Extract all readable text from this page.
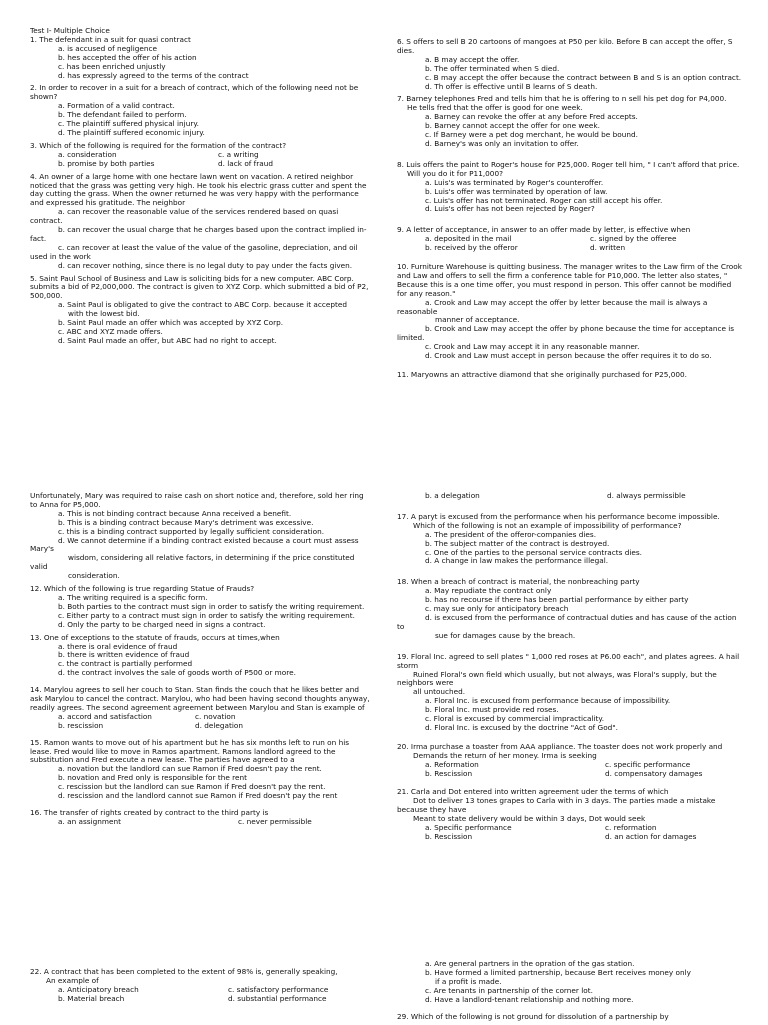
Test I- Multiple Choice
1. The defendant in a suit for quasi contract
a. is accused of negligence
b. hes accepted the offer of his action
c. has been enriched unjustly
d. has expressly agreed to the terms of the contract
2. In order to recover in a suit for a breach of contract, which of the following need not be shown?
a. Formation of a valid contract.
b. The defendant failed to perform.
c. The plaintiff suffered physical injury.
d. The plaintiff suffered economic injury.
3. Which of the following is required for the formation of the contract?
a. consideration	c. a writing
b. promise by both parties	d. lack of fraud
4. An owner of a large home with one hectare lawn went on vacation. A retired neighbor noticed that the grass was getting very high. He took his electric grass cutter and spent the day cutting the grass. When the owner returned he was very happy with the performance and expressed his gratitude. The neighbor
a. can recover the reasonable value of the services rendered based on quasi contract.
b. can recover the usual charge that he charges based upon the contract implied in-fact.
c. can recover at least the value of the value of the gasoline, depreciation, and oil used in the work
d. can recover nothing, since there is no legal duty to pay under the facts given.
5. Saint Paul School of Business and Law is soliciting bids for a new computer. ABC Corp. submits a bid of P2,000,000. The contract is given to XYZ Corp. which submitted a bid of P2, 500,000.
a. Saint Paul is obligated to give the contract to ABC Corp. because it accepted
with the lowest bid.
b. Saint Paul made an offer which was accepted by XYZ Corp.
c. ABC and XYZ made offers.
d. Saint Paul made an offer, but ABC had no right to accept.
6. S offers to sell B 20 cartoons of mangoes at P50 per kilo. Before B can accept the offer, S dies.
a. B may accept the offer.
b. The offer terminated when S died.
c. B may accept the offer because the contract between B and S is an option contract.
d. Th offer is effective until B learns of S death.
7. Barney telephones Fred and tells him that he is offering to n sell his pet dog for P4,000.
He tells fred that the offer is good for one week.
a. Barney can revoke the offer at any before Fred accepts.
b. Barney cannot accept the offer for one week.
c. If Barney were a pet dog merchant, he would be bound.
d. Barney's was only an invitation to offer.
8. Luis offers the paint to Roger's house for P25,000. Roger tell him, " I can't afford that price.
Will you do it for P11,000?
a. Luis's was terminated by Roger's counteroffer.
b. Luis's offer was terminated by operation of law.
c. Luis's offer has not terminated. Roger can still accept his offer.
d. Luis's offer has not been rejected by Roger?
9. A letter of acceptance, in answer to an offer made by letter, is effective when
a. deposited in the mail	c. signed by the offeree
b. received by the offeror	d. written
10. Furniture Warehouse is quitting business. The manager writes to the Law firm of the Crook and Law and offers to sell the firm a conference table for P10,000. The letter also states, " Because this is a one time offer, you must respond in person. This offer cannot be modified for any reason."
a. Crook and Law may accept the offer by letter because the mail is always a reasonable
manner of acceptance.
b. Crook and Law may accept the offer by phone because the time for acceptance is limited.
c. Crook and Law may accept it in any reasonable manner.
d. Crook and Law must accept in person because the offer requires it to do so.
11. Maryowns an attractive diamond that she originally purchased for P25,000.
Unfortunately, Mary was required to raise cash on short notice and, therefore, sold her ring to Anna for P5,000.
a. This is not binding contract because Anna received a benefit.
b. This is a binding contract because Mary's detriment was excessive.
c. this is a binding contract supported by legally sufficient consideration.
d. We cannot determine if a binding contract existed because a court must assess Mary's
wisdom, considering all relative factors, in determining if the price constituted valid
consideration.
12. Which of the following is true regarding Statue of Frauds?
a. The writing required is a specific form.
b. Both parties to the contract must sign in order to satisfy the writing requirement.
c. Either party to a contract must sign in order to satisfy the writing requirement.
d. Only the party to be charged need in signs a contract.
13. One of exceptions to the statute of frauds, occurs at times,when
a. there is oral evidence of fraud
b. there is written evidence of fraud
c. the contract is partially performed
d. the contract involves the sale of goods worth of P500 or more.
14. Marylou agrees to sell her couch to Stan. Stan finds the couch that he likes better and ask Marylou to cancel the contract. Marylou, who had been having second thoughts anyway, readily agrees. The second agreement agreement between Marylou and Stan is example of
a. accord and satisfaction	c. novation
b. rescission	d. delegation
15. Ramon wants to move out of his apartment but he has six months left to run on his lease. Fred would like to move in Ramos apartment. Ramons landlord agreed to the substitution and Fred execute a new lease. The parties have agreed to a
a. novation but the landlord can sue Ramon if Fred doesn't pay the rent.
b. novation and Fred only is responsible for the rent
c. rescission but the landlord can sue Ramon if Fred doesn't pay the rent.
d. rescission and the landlord cannot sue Ramon if Fred doesn't pay the rent
16. The transfer of rights created by contract to the third party is
a. an assignment	c. never permissible
b. a delegation	d. always permissible
17. A paryt is excused from the performance when his performance become impossible.
Which of the following is not an example of impossibility of performance?
a. The president of the offeror-companies dies.
b. The subject matter of the contract is destroyed.
c. One of the parties to the personal service contracts dies.
d. A change in law makes the performance illegal.
18. When a breach of contract is material, the nonbreaching party
a. May repudiate the contract only
b. has no recourse if there has been partial performance by either party
c. may sue only for anticipatory breach
d. is excused from the performance of contractual duties and has cause of the action to
sue for damages cause by the breach.
19. Floral Inc. agreed to sell plates " 1,000 red roses at P6.00 each", and plates agrees. A hail storm
Ruined Floral's own field which usually, but not always, was Floral's supply, but the neighbors were
all untouched.
a. Floral Inc. is excused from performance because of impossibility.
b. Floral Inc. must provide red roses.
c. Floral is excused by commercial impracticality.
d. Floral Inc. is excused by the doctrine "Act of God".
20. Irma purchase a toaster from AAA appliance. The toaster does not work properly and
Demands the return of her money. Irma is seeking
a. Reformation	c. specific performance
b. Rescission	d. compensatory damages
21. Carla and Dot entered into written agreement uder the terms of which
Dot to deliver 13 tones grapes to Carla with in 3 days. The parties made a mistake because they have
Meant to state delivery would be within 3 days, Dot would seek
a. Specific performance	c. reformation
b. Rescission	d. an action for damages
22. A contract that has been completed to the extent of 98% is, generally speaking,
An example of
a. Anticipatory breach	c. satisfactory performance
b. Material breach	d. substantial performance
a. Are general partners in the opration of the gas station.
b. Have formed a limited partnership, because Bert receives money only
if a profit is made.
c. Are tenants in partnership of the corner lot.
d. Have a landlord-tenant relationship and nothing more.
29. Which of the following is not ground for dissolution of a partnership by
